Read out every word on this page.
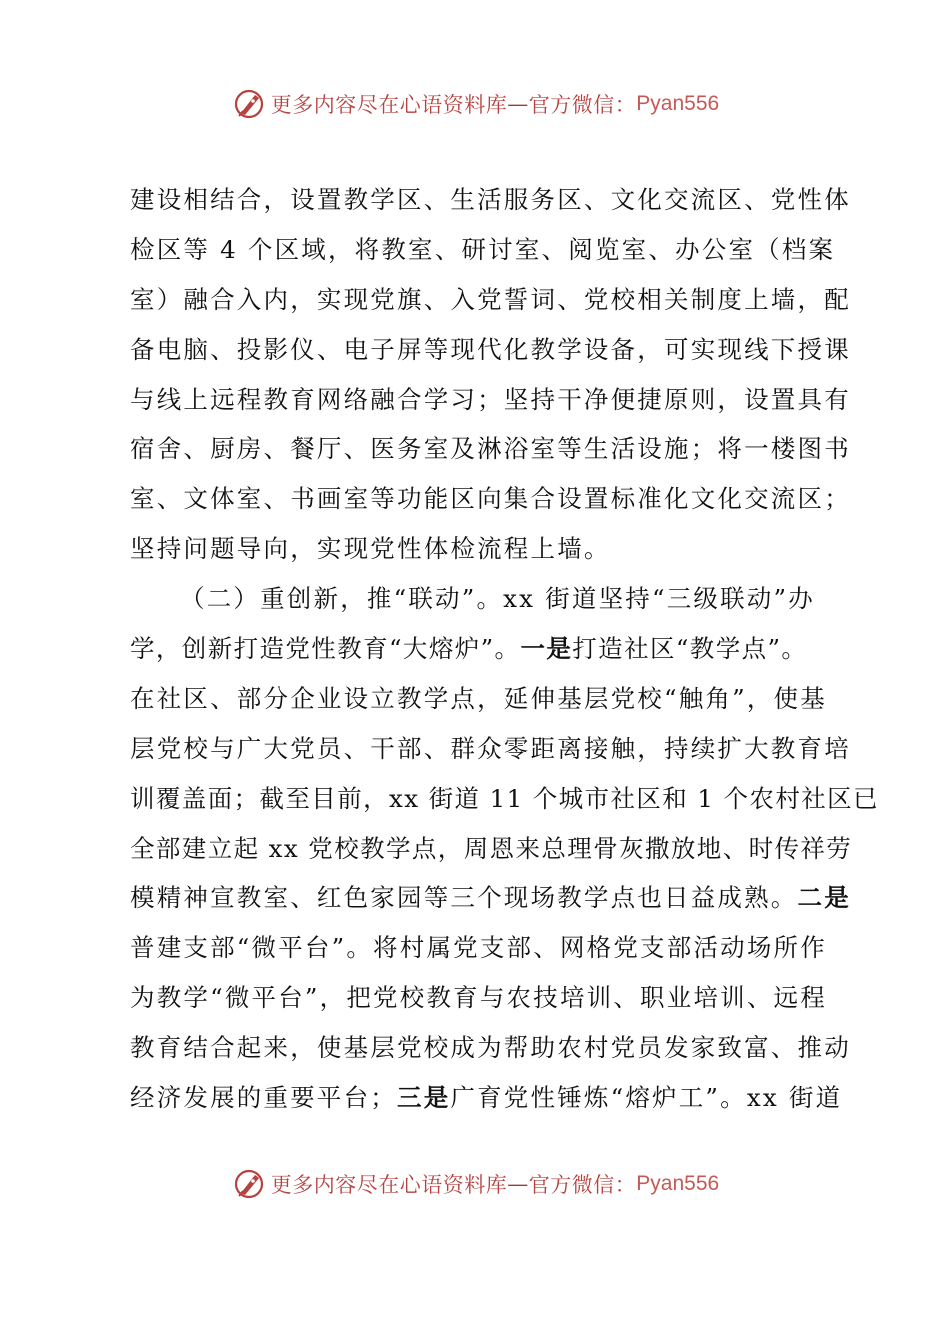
更多内容尽在心语资料库 — 官方微信： Pyan556
建设相结合，设置教学区、生活服务区、文化交流区、党性体
检区等 4 个区域，将教室、研讨室、阅览室、办公室（档案
室）融合入内，实现党旗、入党誓词、党校相关制度上墙，配
备电脑、投影仪、电子屏等现代化教学设备，可实现线下授课
与线上远程教育网络融合学习；坚持干净便捷原则，设置具有
宿舍、厨房、餐厅、医务室及淋浴室等生活设施；将一楼图书
室、文体室、书画室等功能区向集合设置标准化文化交流区；
坚持问题导向，实现党性体检流程上墙。
（二）重创新，推“联动”。xx 街道坚持“三级联动”办
学，创新打造党性教育“大熔炉”。一是打造社区“教学点”。
在社区、部分企业设立教学点，延伸基层党校“触角”，使基
层党校与广大党员、干部、群众零距离接触，持续扩大教育培
训覆盖面；截至目前，xx 街道 11 个城市社区和 1 个农村社区已
全部建立起 xx 党校教学点，周恩来总理骨灰撒放地、时传祥劳
模精神宣教室、红色家园等三个现场教学点也日益成熟。二是
普建支部“微平台”。将村属党支部、网格党支部活动场所作
为教学“微平台”，把党校教育与农技培训、职业培训、远程
教育结合起来，使基层党校成为帮助农村党员发家致富、推动
经济发展的重要平台；三是广育党性锤炼“熔炉工”。xx 街道
更多内容尽在心语资料库 — 官方微信： Pyan556
